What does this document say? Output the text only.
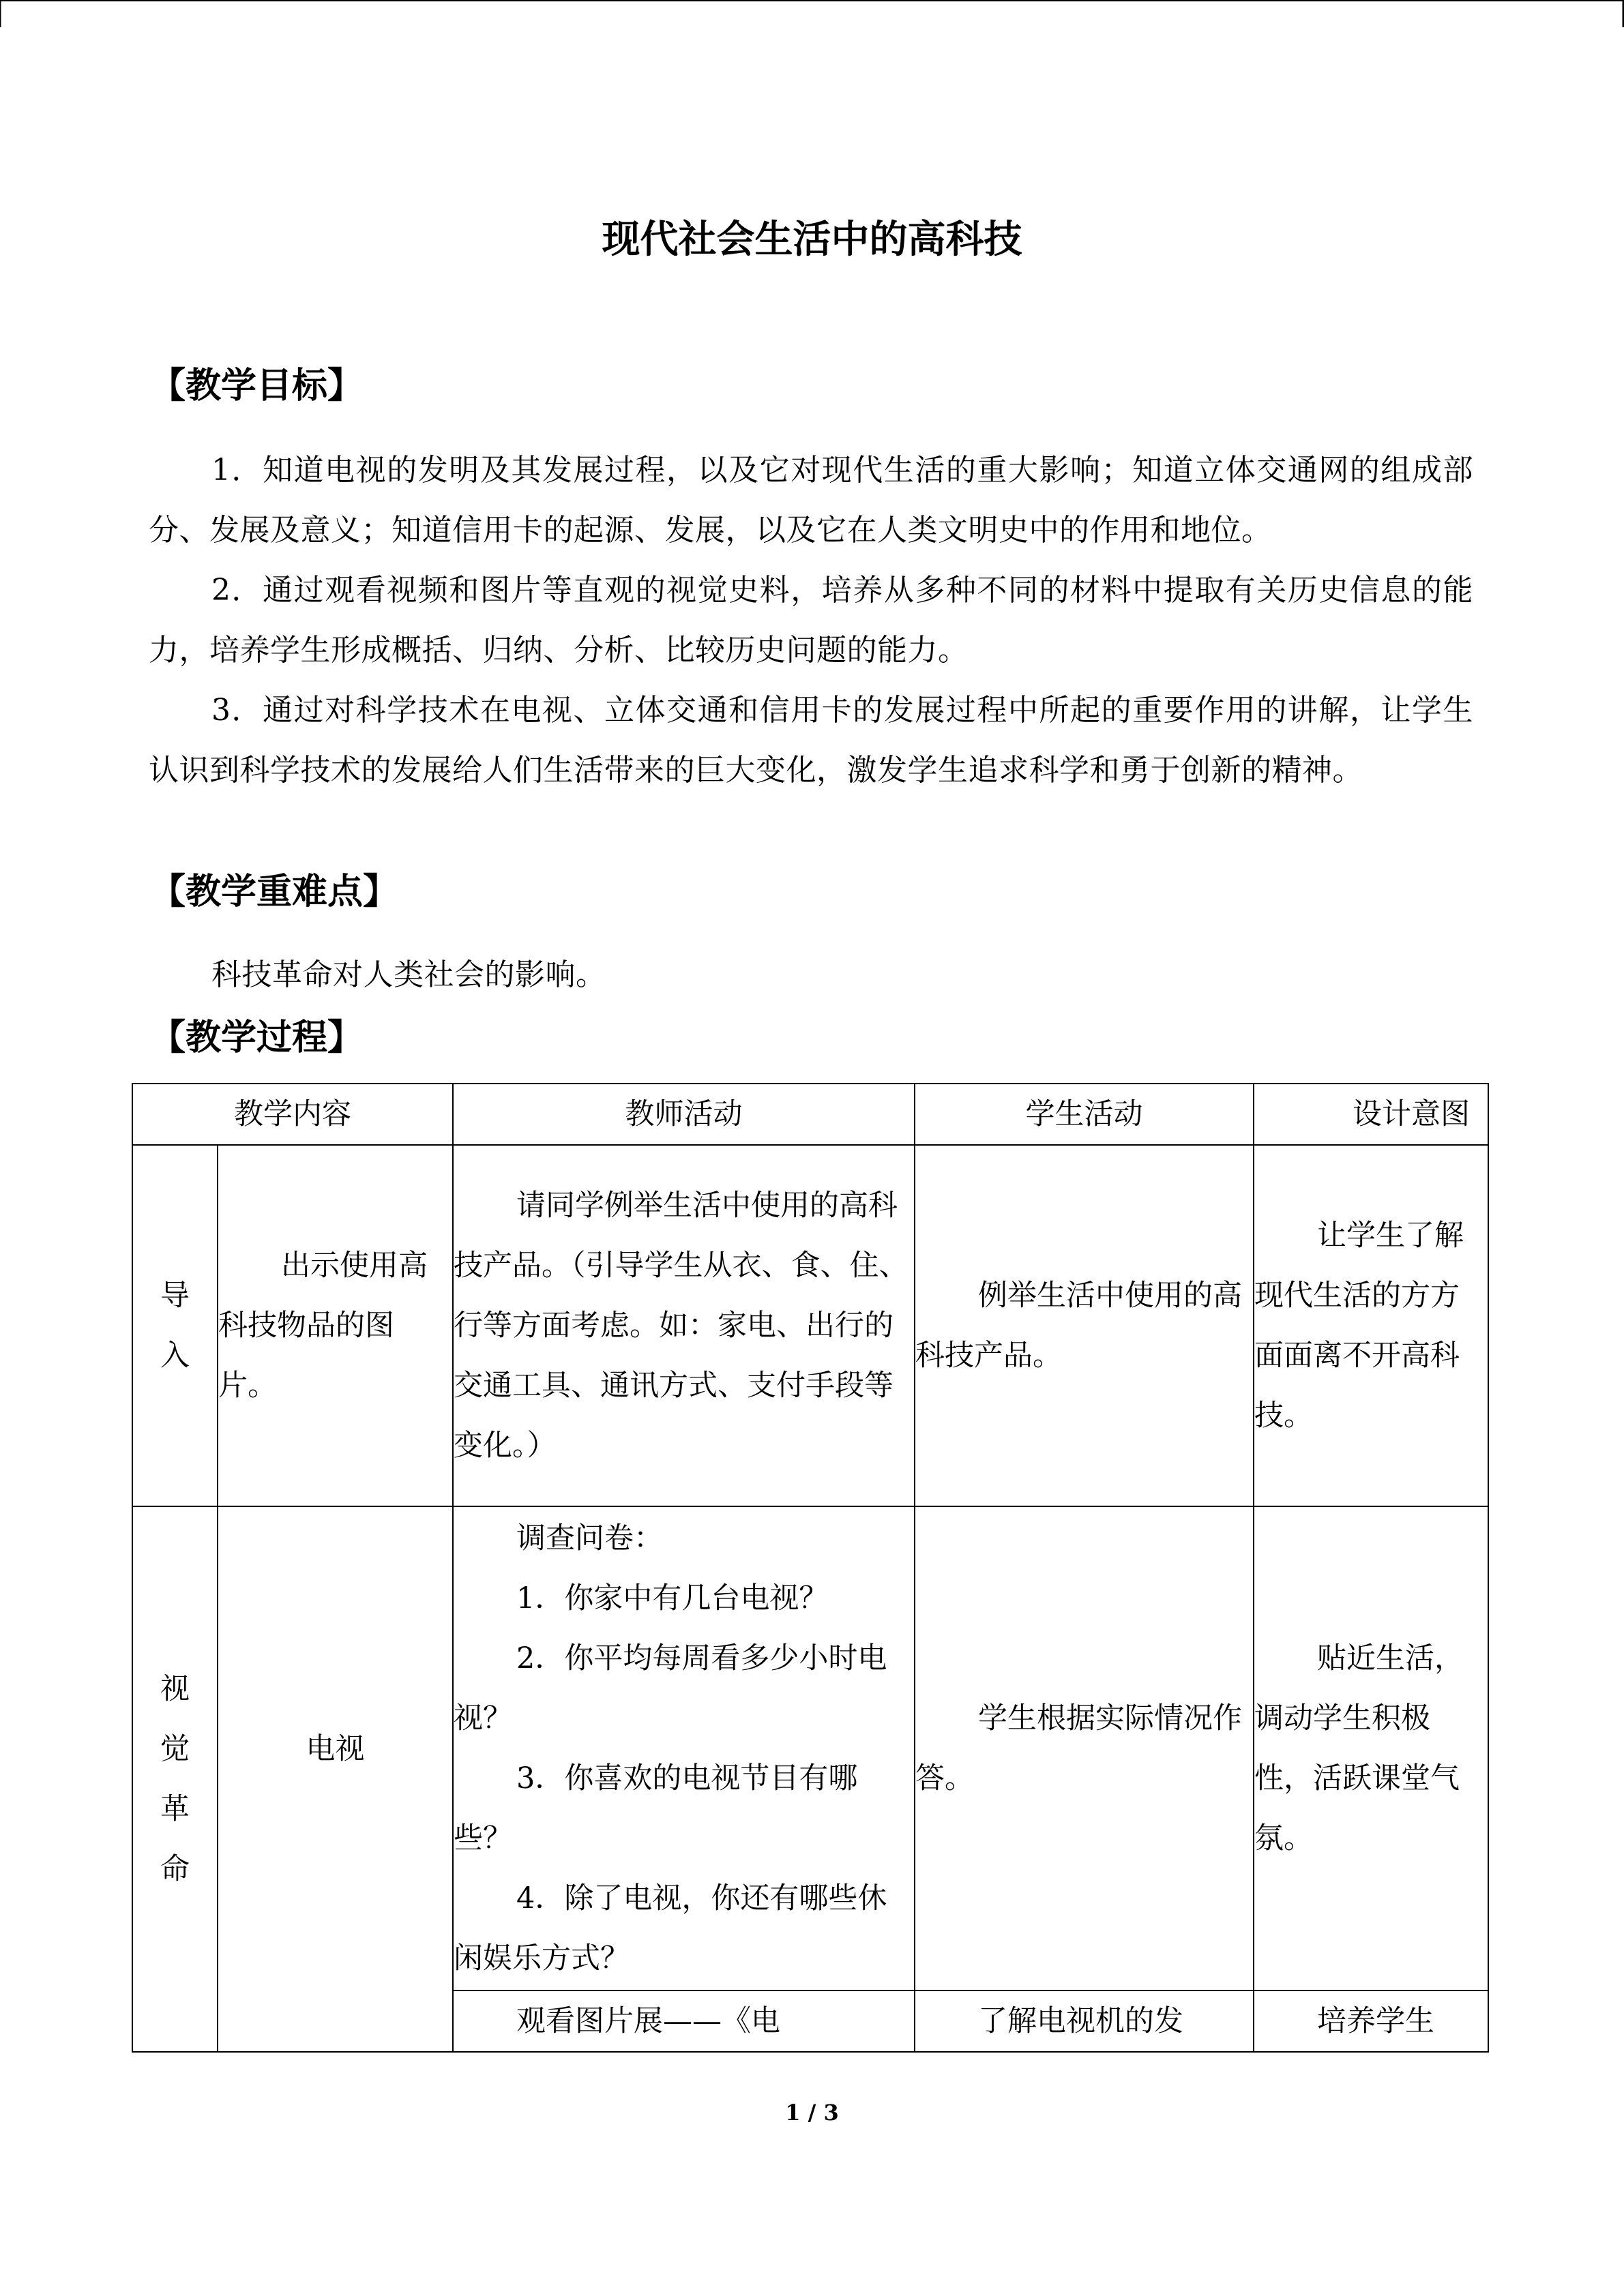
现代社会生活中的高科技
【教学目标】
1．知道电视的发明及其发展过程，以及它对现代生活的重大影响；知道立体交通网的组成部分、发展及意义；知道信用卡的起源、发展，以及它在人类文明史中的作用和地位。
2．通过观看视频和图片等直观的视觉史料，培养从多种不同的材料中提取有关历史信息的能力，培养学生形成概括、归纳、分析、比较历史问题的能力。
3．通过对科学技术在电视、立体交通和信用卡的发展过程中所起的重要作用的讲解，让学生认识到科学技术的发展给人们生活带来的巨大变化，激发学生追求科学和勇于创新的精神。
【教学重难点】
科技革命对人类社会的影响。
【教学过程】
教学内容		教师活动	学生活动	设计意图

导入	出示使用高科技物品的图片。	请同学例举生活中使用的高科技产品。（引导学生从衣、食、住、行等方面考虑。如：家电、出行的交通工具、通讯方式、支付手段等变化。）	例举生活中使用的高科技产品。	让学生了解现代生活的方方面面离不开高科技。

视觉革命	电视	调查问卷：
1．你家中有几台电视？
2．你平均每周看多少小时电视？
3．你喜欢的电视节目有哪些？
4．除了电视，你还有哪些休闲娱乐方式？	学生根据实际情况作答。	贴近生活，调动学生积极性，活跃课堂气氛。
		观看图片展——《电	了解电视机的发	培养学生
1 / 3
